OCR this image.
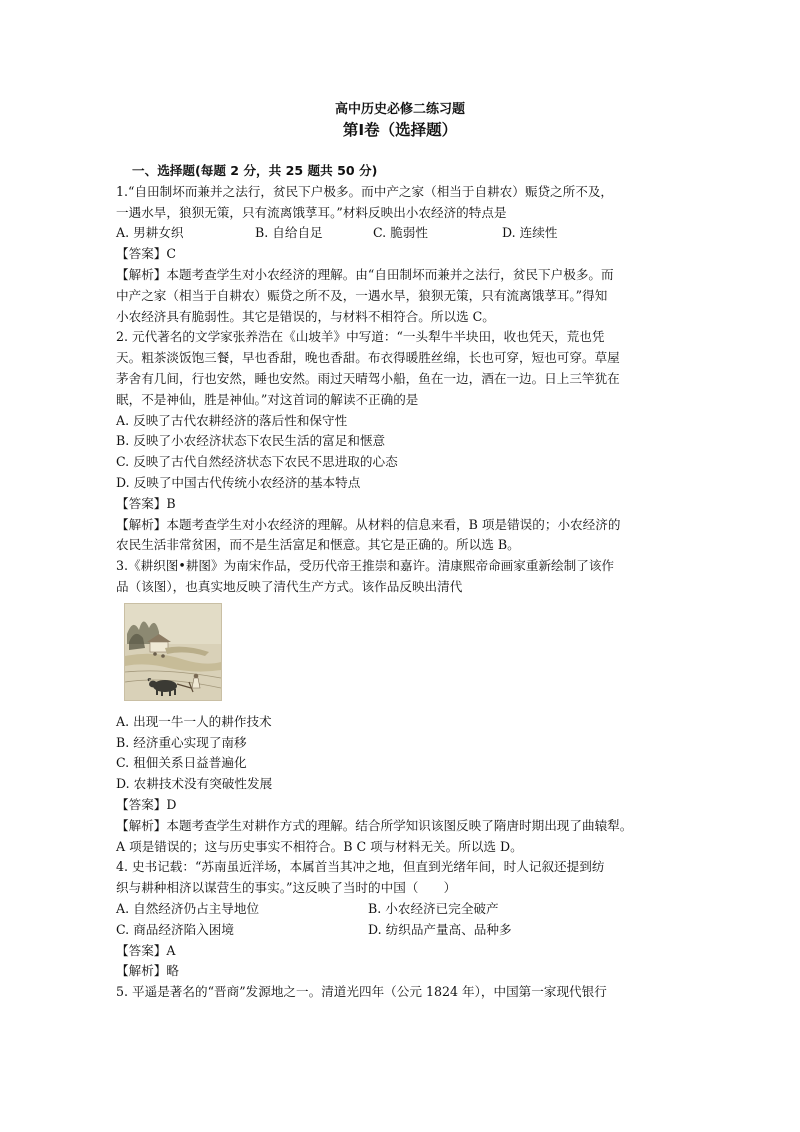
高中历史必修二练习题
第Ⅰ卷（选择题）

一、选择题(每题 2 分，共 25 题共 50 分)

1.“自田制坏而兼并之法行，贫民下户极多。而中产之家（相当于自耕农）赈贷之所不及，

一遇水旱，狼狈无策，只有流离饿莩耳。”材料反映出小农经济的特点是

A. 男耕女织	B. 自给自足	C. 脆弱性	D. 连续性

【答案】C

【解析】本题考查学生对小农经济的理解。由“自田制坏而兼并之法行，贫民下户极多。而

中产之家（相当于自耕农）赈贷之所不及，一遇水旱，狼狈无策，只有流离饿莩耳。”得知

小农经济具有脆弱性。其它是错误的，与材料不相符合。所以选 C。

2. 元代著名的文学家张养浩在《山坡羊》中写道：“一头犁牛半块田，收也凭天，荒也凭

天。粗茶淡饭饱三餐，早也香甜，晚也香甜。布衣得暖胜丝绵，长也可穿，短也可穿。草屋

茅舍有几间，行也安然，睡也安然。雨过天晴驾小船，鱼在一边，酒在一边。日上三竿犹在

眠，不是神仙，胜是神仙。”对这首词的解读不正确的是

A. 反映了古代农耕经济的落后性和保守性

B. 反映了小农经济状态下农民生活的富足和惬意

C. 反映了古代自然经济状态下农民不思进取的心态

D. 反映了中国古代传统小农经济的基本特点

【答案】B

【解析】本题考查学生对小农经济的理解。从材料的信息来看，B 项是错误的；小农经济的

农民生活非常贫困，而不是生活富足和惬意。其它是正确的。所以选 B。

3.《耕织图•耕图》为南宋作品，受历代帝王推崇和嘉许。清康熙帝命画家重新绘制了该作

品（该图），也真实地反映了清代生产方式。该作品反映出清代

A. 出现一牛一人的耕作技术

B. 经济重心实现了南移

C. 租佃关系日益普遍化

D. 农耕技术没有突破性发展

【答案】D

【解析】本题考查学生对耕作方式的理解。结合所学知识该图反映了隋唐时期出现了曲辕犁。

A 项是错误的；这与历史事实不相符合。B C 项与材料无关。所以选 D。

4. 史书记载：“苏南虽近洋场，本属首当其冲之地，但直到光绪年间，时人记叙还提到纺

织与耕种相济以谋营生的事实。”这反映了当时的中国（　　）

A. 自然经济仍占主导地位	B. 小农经济已完全破产

C. 商品经济陷入困境	D. 纺织品产量高、品种多

【答案】A

【解析】略

5. 平遥是著名的“晋商”发源地之一。清道光四年（公元 1824 年），中国第一家现代银行
